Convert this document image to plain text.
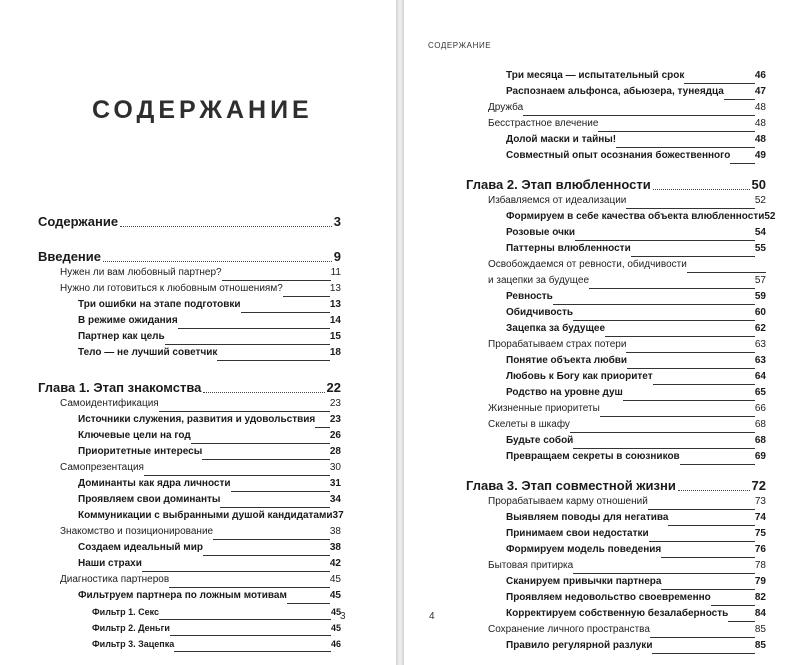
СОДЕРЖАНИЕ
Содержание	3
Введение	9
Нужен ли вам любовный партнер?	11
Нужно ли готовиться к любовным отношениям?	13
Три ошибки на этапе подготовки	13
В режиме ожидания	14
Партнер как цель	15
Тело — не лучший советчик	18
Глава 1. Этап знакомства	22
Самоидентификация	23
Источники служения, развития и удовольствия 23
Ключевые цели на год	26
Приоритетные интересы	28
Самопрезентация	30
Доминанты как ядра личности	31
Проявляем свои доминанты	34
Коммуникации с выбранными душой кандидатами 37
Знакомство и позиционирование	38
Создаем идеальный мир	38
Наши страхи	42
Диагностика партнеров	45
Фильтруем партнера по ложным мотивам	45
Фильтр 1. Секс	45
Фильтр 2. Деньги	45
Фильтр 3. Зацепка	46
3
СОДЕРЖАНИЕ
Три месяца — испытательный срок	46
Распознаем альфонса, абьюзера, тунеядца	47
Дружба	48
Бесстрастное влечение	48
Долой маски и тайны!	48
Совместный опыт осознания божественного 49
Глава 2. Этап влюбленности	50
Избавляемся от идеализации	52
Формируем в себе качества объекта влюбленности 52
Розовые очки	54
Паттерны влюбленности	55
Освобождаемся от ревности, обидчивости
и зацепки за будущее	57
Ревность	59
Обидчивость	60
Зацепка за будущее	62
Прорабатываем страх потери	63
Понятие объекта любви	63
Любовь к Богу как приоритет	64
Родство на уровне душ	65
Жизненные приоритеты	66
Скелеты в шкафу	68
Будьте собой	68
Превращаем секреты в союзников	69
Глава 3. Этап совместной жизни	72
Прорабатываем карму отношений	73
Выявляем поводы для негатива	74
Принимаем свои недостатки	75
Формируем модель поведения	76
Бытовая притирка	78
Сканируем привычки партнера	79
Проявляем недовольство своевременно	82
Корректируем собственную безалаберность	84
Сохранение личного пространства	85
Правило регулярной разлуки	85
4
